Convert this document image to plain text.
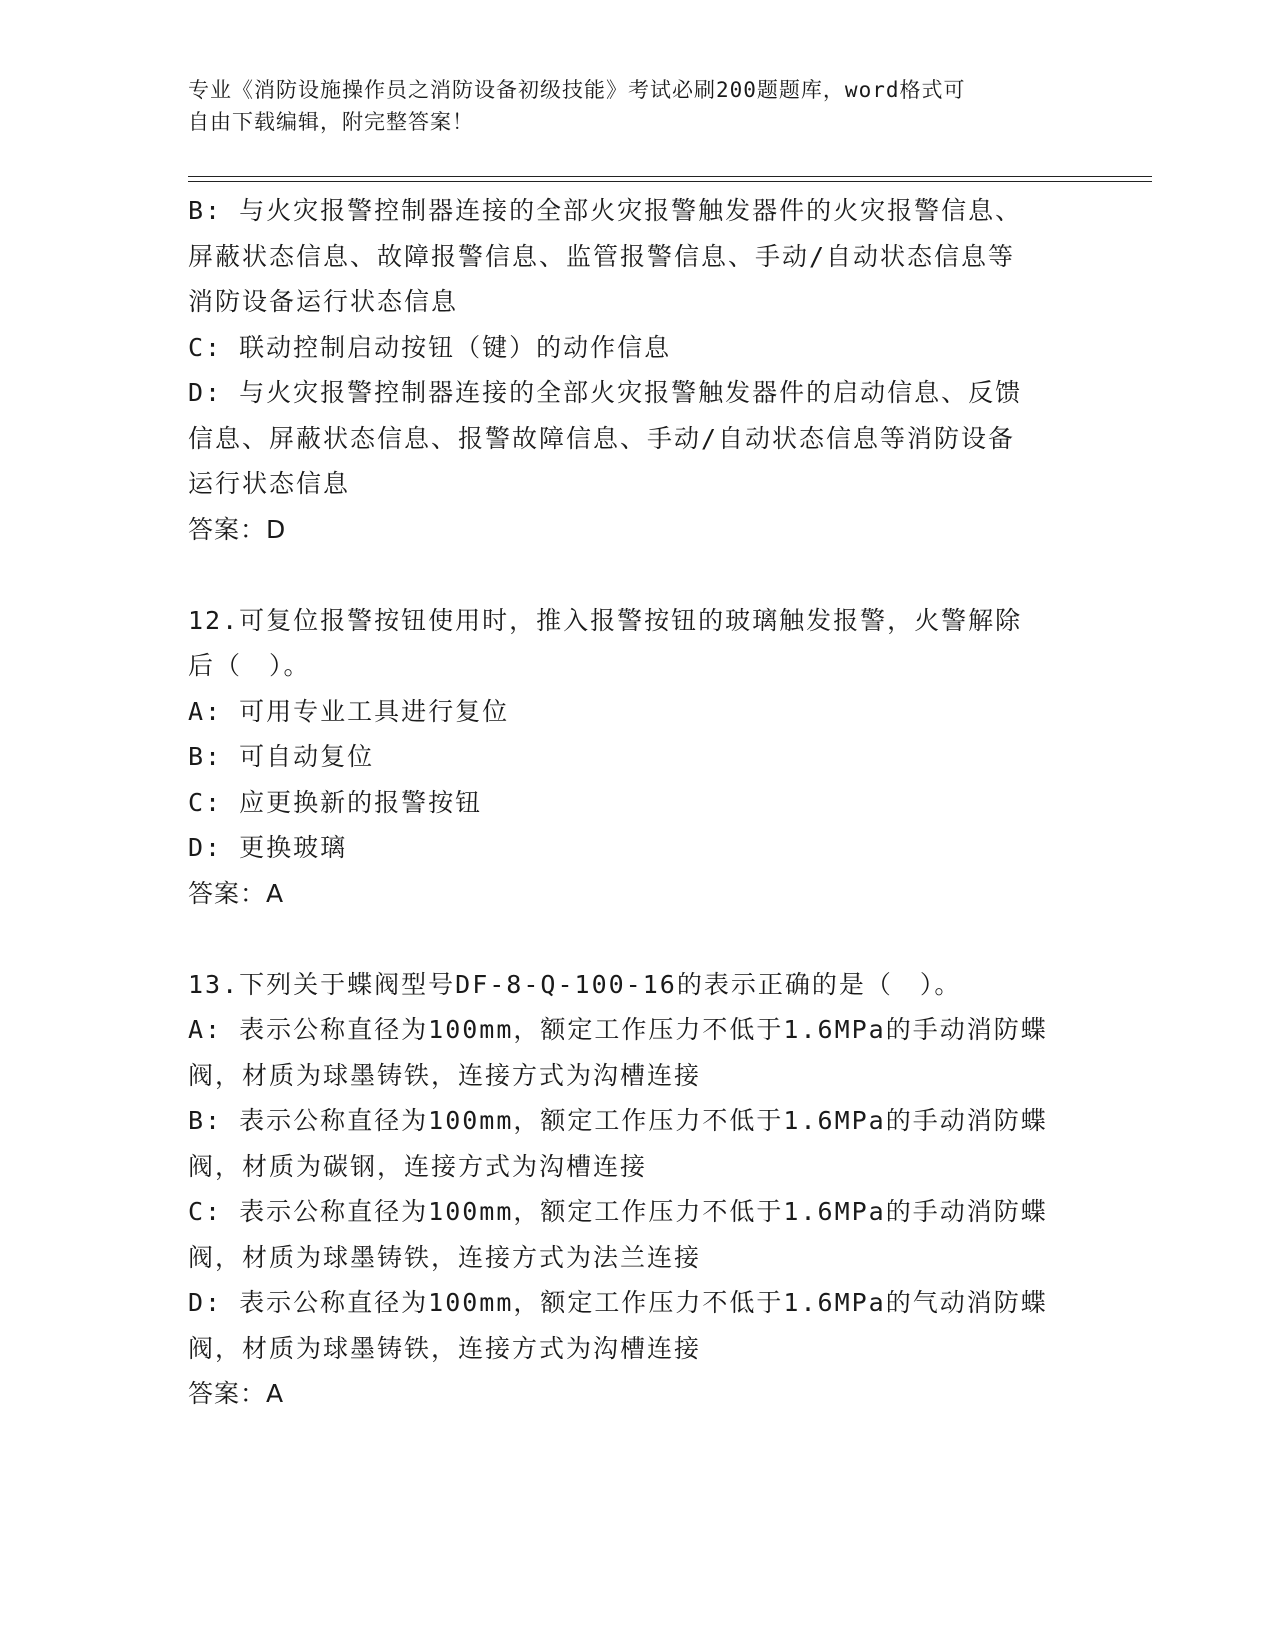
专业《消防设施操作员之消防设备初级技能》考试必刷200题题库，word格式可
自由下载编辑，附完整答案！
B: 与火灾报警控制器连接的全部火灾报警触发器件的火灾报警信息、
屏蔽状态信息、故障报警信息、监管报警信息、手动/自动状态信息等
消防设备运行状态信息
C: 联动控制启动按钮（键）的动作信息
D: 与火灾报警控制器连接的全部火灾报警触发器件的启动信息、反馈
信息、屏蔽状态信息、报警故障信息、手动/自动状态信息等消防设备
运行状态信息
答案：D
12.可复位报警按钮使用时，推入报警按钮的玻璃触发报警，火警解除
后（　）。
A: 可用专业工具进行复位
B: 可自动复位
C: 应更换新的报警按钮
D: 更换玻璃
答案：A
13.下列关于蝶阀型号DF-8-Q-100-16的表示正确的是（　）。
A: 表示公称直径为100mm，额定工作压力不低于1.6MPa的手动消防蝶
阀，材质为球墨铸铁，连接方式为沟槽连接
B: 表示公称直径为100mm，额定工作压力不低于1.6MPa的手动消防蝶
阀，材质为碳钢，连接方式为沟槽连接
C: 表示公称直径为100mm，额定工作压力不低于1.6MPa的手动消防蝶
阀，材质为球墨铸铁，连接方式为法兰连接
D: 表示公称直径为100mm，额定工作压力不低于1.6MPa的气动消防蝶
阀，材质为球墨铸铁，连接方式为沟槽连接
答案：A
